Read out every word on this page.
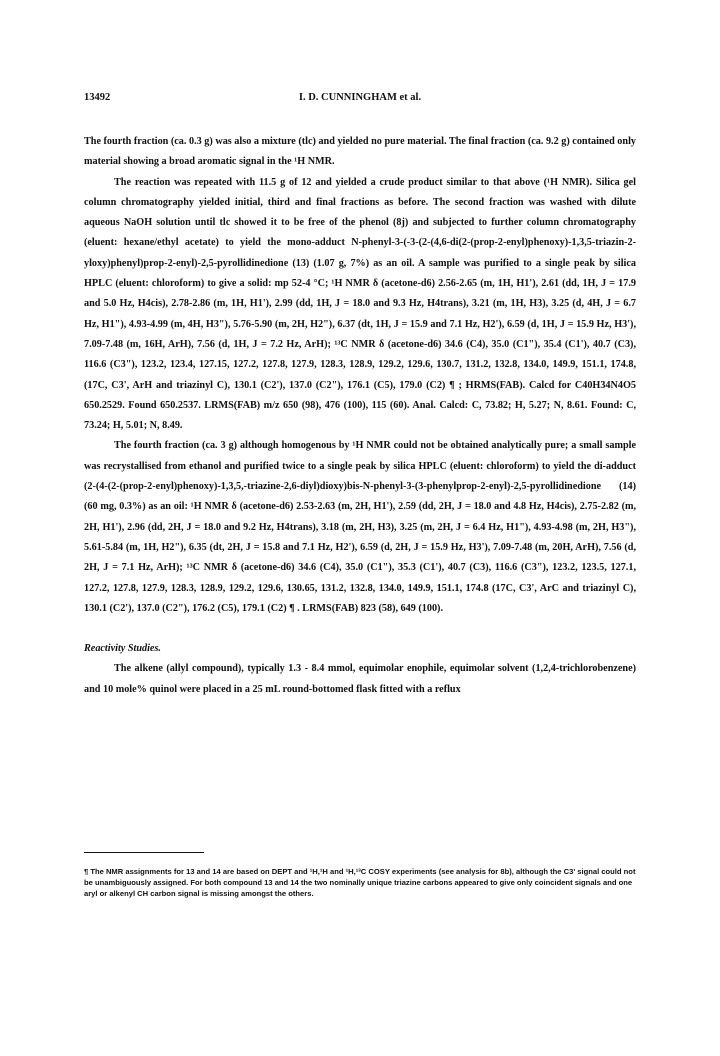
13492	I. D. CUNNINGHAM et al.

The fourth fraction (ca. 0.3 g) was also a mixture (tlc) and yielded no pure material. The final fraction (ca. 9.2 g) contained only material showing a broad aromatic signal in the ¹H NMR.

The reaction was repeated with 11.5 g of 12 and yielded a crude product similar to that above (¹H NMR). Silica gel column chromatography yielded initial, third and final fractions as before. The second fraction was washed with dilute aqueous NaOH solution until tlc showed it to be free of the phenol (8j) and subjected to further column chromatography (eluent: hexane/ethyl acetate) to yield the mono-adduct N-phenyl-3-(-3-(2-(4,6-di(2-(prop-2-enyl)phenoxy)-1,3,5-triazin-2-yloxy)phenyl)prop-2-enyl)-2,5-pyrollidinedione (13) (1.07 g, 7%) as an oil. A sample was purified to a single peak by silica HPLC (eluent: chloroform) to give a solid: mp 52-4 °C; ¹H NMR δ (acetone-d6) 2.56-2.65 (m, 1H, H1'), 2.61 (dd, 1H, J = 17.9 and 5.0 Hz, H4cis), 2.78-2.86 (m, 1H, H1'), 2.99 (dd, 1H, J = 18.0 and 9.3 Hz, H4trans), 3.21 (m, 1H, H3), 3.25 (d, 4H, J = 6.7 Hz, H1"), 4.93-4.99 (m, 4H, H3"), 5.76-5.90 (m, 2H, H2"), 6.37 (dt, 1H, J = 15.9 and 7.1 Hz, H2'), 6.59 (d, 1H, J = 15.9 Hz, H3'), 7.09-7.48 (m, 16H, ArH), 7.56 (d, 1H, J = 7.2 Hz, ArH); ¹³C NMR δ (acetone-d6) 34.6 (C4), 35.0 (C1"), 35.4 (C1'), 40.7 (C3), 116.6 (C3"), 123.2, 123.4, 127.15, 127.2, 127.8, 127.9, 128.3, 128.9, 129.2, 129.6, 130.7, 131.2, 132.8, 134.0, 149.9, 151.1, 174.8, (17C, C3', ArH and triazinyl C), 130.1 (C2'), 137.0 (C2"), 176.1 (C5), 179.0 (C2) ¶ ; HRMS(FAB). Calcd for C40H34N4O5 650.2529. Found 650.2537. LRMS(FAB) m/z 650 (98), 476 (100), 115 (60). Anal. Calcd: C, 73.82; H, 5.27; N, 8.61. Found: C, 73.24; H, 5.01; N, 8.49.

The fourth fraction (ca. 3 g) although homogenous by ¹H NMR could not be obtained analytically pure; a small sample was recrystallised from ethanol and purified twice to a single peak by silica HPLC (eluent: chloroform) to yield the di-adduct (2-(4-(2-(prop-2-enyl)phenoxy)-1,3,5,-triazine-2,6-diyl)dioxy)bis-N-phenyl-3-(3-phenylprop-2-enyl)-2,5-pyrollidinedione (14) (60 mg, 0.3%) as an oil: ¹H NMR δ (acetone-d6) 2.53-2.63 (m, 2H, H1'), 2.59 (dd, 2H, J = 18.0 and 4.8 Hz, H4cis), 2.75-2.82 (m, 2H, H1'), 2.96 (dd, 2H, J = 18.0 and 9.2 Hz, H4trans), 3.18 (m, 2H, H3), 3.25 (m, 2H, J = 6.4 Hz, H1"), 4.93-4.98 (m, 2H, H3"), 5.61-5.84 (m, 1H, H2"), 6.35 (dt, 2H, J = 15.8 and 7.1 Hz, H2'), 6.59 (d, 2H, J = 15.9 Hz, H3'), 7.09-7.48 (m, 20H, ArH), 7.56 (d, 2H, J = 7.1 Hz, ArH); ¹³C NMR δ (acetone-d6) 34.6 (C4), 35.0 (C1"), 35.3 (C1'), 40.7 (C3), 116.6 (C3"), 123.2, 123.5, 127.1, 127.2, 127.8, 127.9, 128.3, 128.9, 129.2, 129.6, 130.65, 131.2, 132.8, 134.0, 149.9, 151.1, 174.8 (17C, C3', ArC and triazinyl C), 130.1 (C2'), 137.0 (C2"), 176.2 (C5), 179.1 (C2) ¶ . LRMS(FAB) 823 (58), 649 (100).

Reactivity Studies.

The alkene (allyl compound), typically 1.3 - 8.4 mmol, equimolar enophile, equimolar solvent (1,2,4-trichlorobenzene) and 10 mole% quinol were placed in a 25 mL round-bottomed flask fitted with a reflux

¶ The NMR assignments for 13 and 14 are based on DEPT and ¹H,¹H and ¹H,¹³C COSY experiments (see analysis for 8b), although the C3' signal could not be unambiguously assigned. For both compound 13 and 14 the two nominally unique triazine carbons appeared to give only coincident signals and one aryl or alkenyl CH carbon signal is missing amongst the others.
